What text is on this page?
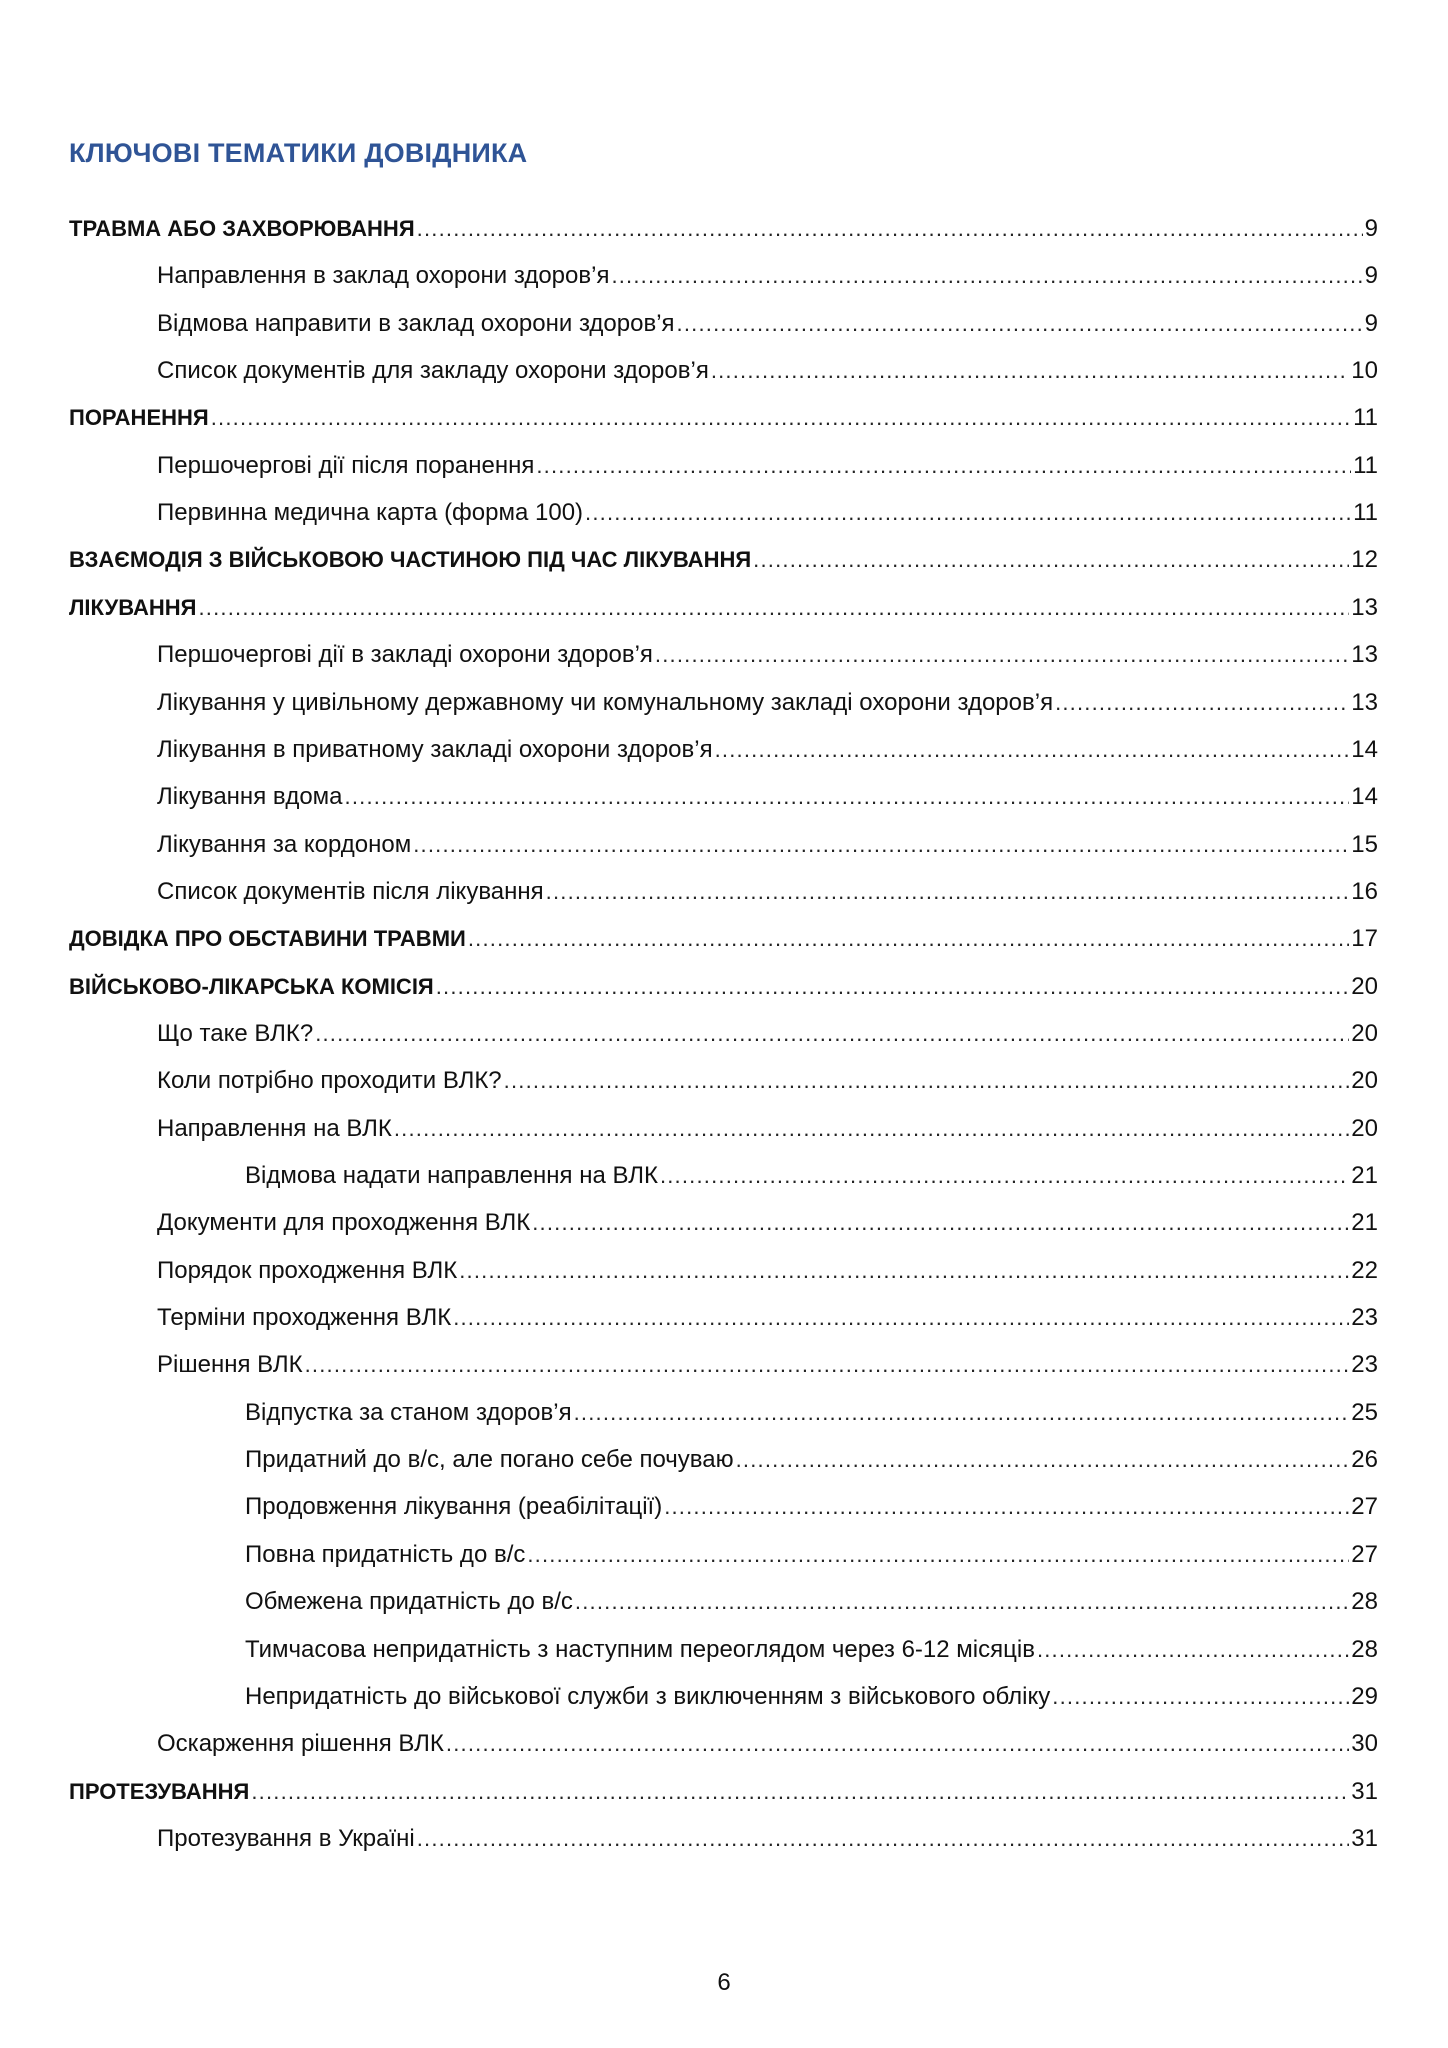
КЛЮЧОВІ ТЕМАТИКИ ДОВІДНИКА
ТРАВМА АБО ЗАХВОРЮВАННЯ .....	9
Направлення в заклад охорони здоров’я .....	9
Відмова направити в заклад охорони здоров’я .....	9
Список документів для закладу охорони здоров’я .....	10
ПОРАНЕННЯ .....	11
Першочергові дії після поранення .....	11
Первинна медична карта (форма 100) .....	11
ВЗАЄМОДІЯ З ВІЙСЬКОВОЮ ЧАСТИНОЮ ПІД ЧАС ЛІКУВАННЯ .....	12
ЛІКУВАННЯ .....	13
Першочергові дії в закладі охорони здоров’я .....	13
Лікування у цивільному державному чи комунальному закладі охорони здоров’я .....	13
Лікування в приватному закладі охорони здоров’я .....	14
Лікування вдома .....	14
Лікування за кордоном .....	15
Список документів після лікування .....	16
ДОВІДКА ПРО ОБСТАВИНИ ТРАВМИ .....	17
ВІЙСЬКОВО-ЛІКАРСЬКА КОМІСІЯ .....	20
Що таке ВЛК? .....	20
Коли потрібно проходити ВЛК? .....	20
Направлення на ВЛК .....	20
Відмова надати направлення на ВЛК .....	21
Документи для проходження ВЛК .....	21
Порядок проходження ВЛК .....	22
Терміни проходження ВЛК .....	23
Рішення ВЛК .....	23
Відпустка за станом здоров’я .....	25
Придатний до в/с, але погано себе почуваю .....	26
Продовження лікування (реабілітації) .....	27
Повна придатність до в/с .....	27
Обмежена придатність до в/с .....	28
Тимчасова непридатність з наступним переоглядом через 6-12 місяців .....	28
Непридатність до військової служби з виключенням з військового обліку .....	29
Оскарження рішення ВЛК .....	30
ПРОТЕЗУВАННЯ .....	31
Протезування в Україні .....	31
6
